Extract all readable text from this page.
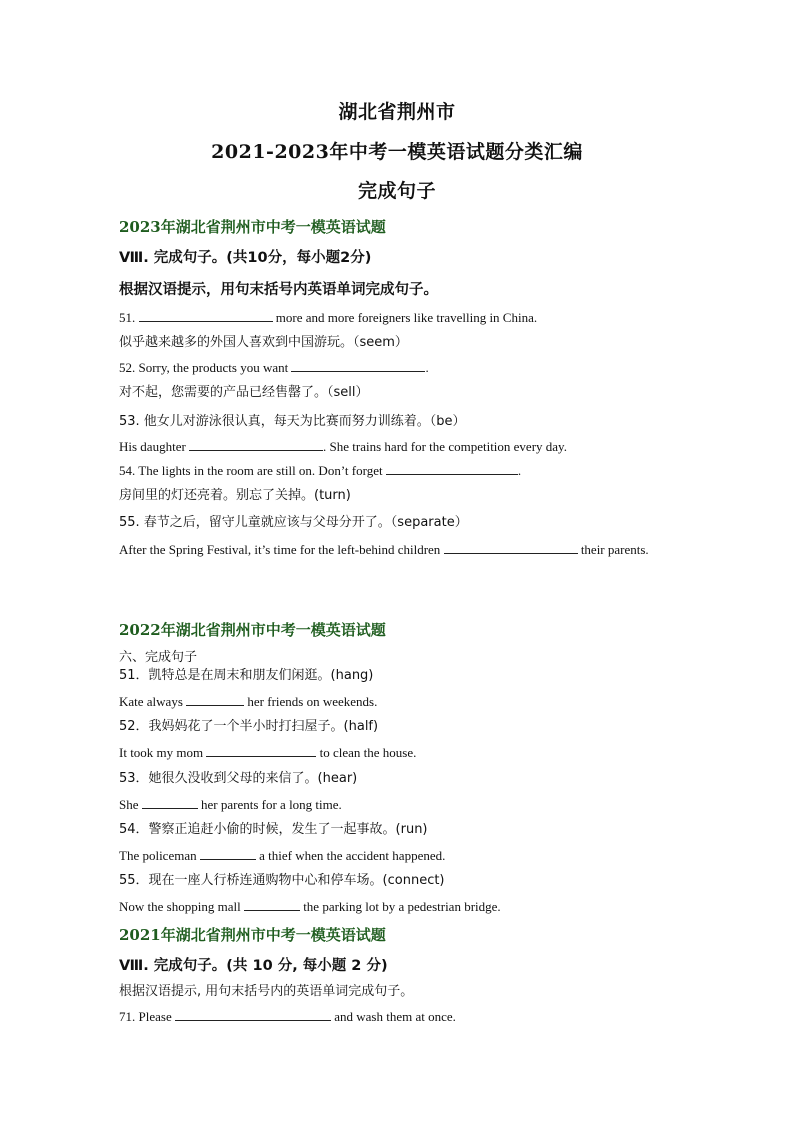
湖北省荆州市
2021-2023年中考一模英语试题分类汇编
完成句子
2023年湖北省荆州市中考一模英语试题
Ⅷ. 完成句子。(共10分，每小题2分)
根据汉语提示，用句末括号内英语单词完成句子。
51.	more and more foreigners like travelling in China.
似乎越来越多的外国人喜欢到中国游玩。（seem）
52. Sorry, the products you want	.
对不起，您需要的产品已经售罄了。（sell）
53. 他女儿对游泳很认真，每天为比赛而努力训练着。（be）
His daughter	. She trains hard for the competition every day.
54. The lights in the room are still on. Don’t forget	.
房间里的灯还亮着。别忘了关掉。(turn)
55. 春节之后，留守儿童就应该与父母分开了。（separate）
After the Spring Festival, it’s time for the left-behind children	their parents.
2022年湖北省荆州市中考一模英语试题
六、完成句子
51．凯特总是在周末和朋友们闲逛。(hang)
Kate always	her friends on weekends.
52．我妈妈花了一个半小时打扫屋子。(half)
It took my mom	to clean the house.
53．她很久没收到父母的来信了。(hear)
She	her parents for a long time.
54．警察正追赶小偷的时候，发生了一起事故。(run)
The policeman	a thief when the accident happened.
55．现在一座人行桥连通购物中心和停车场。(connect)
Now the shopping mall	the parking lot by a pedestrian bridge.
2021年湖北省荆州市中考一模英语试题
Ⅷ. 完成句子。(共 10 分, 每小题 2 分)
根据汉语提示, 用句末括号内的英语单词完成句子。
71. Please	and wash them at once.
